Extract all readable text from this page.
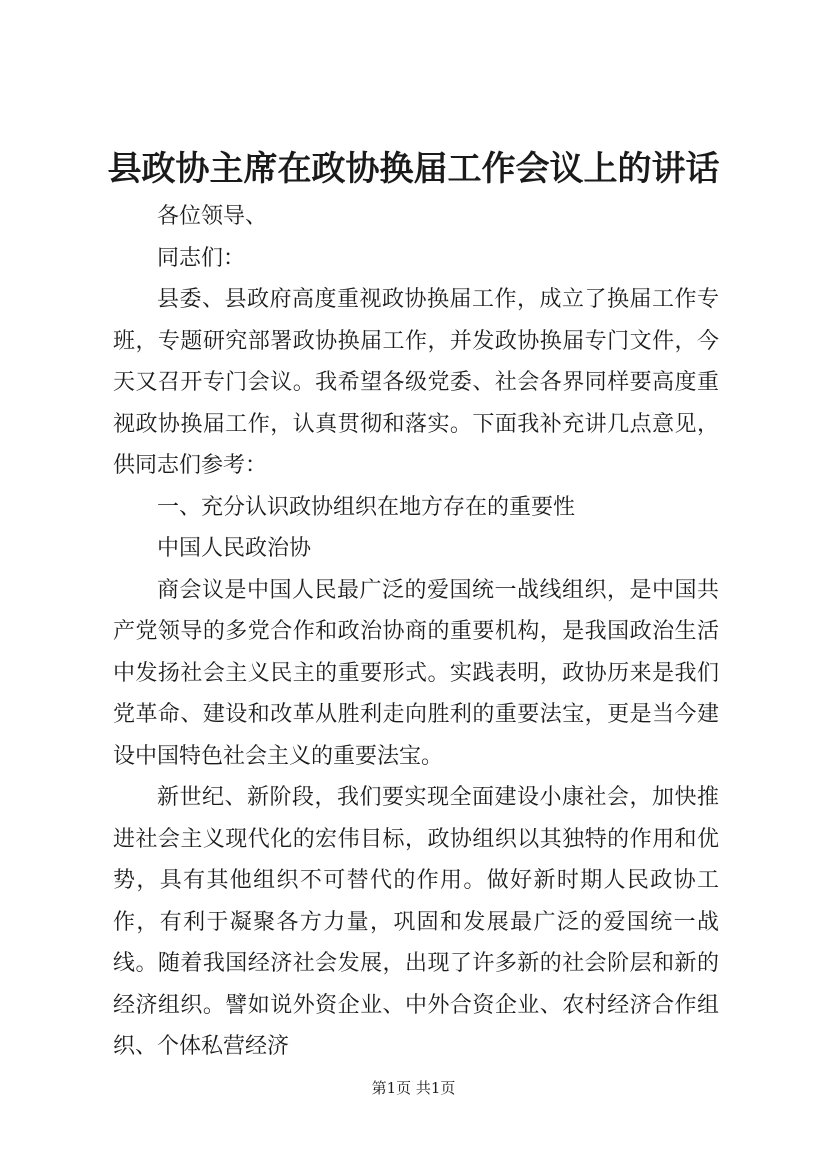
县政协主席在政协换届工作会议上的讲话

各位领导、

同志们：

县委、县政府高度重视政协换届工作，成立了换届工作专班，专题研究部署政协换届工作，并发政协换届专门文件，今天又召开专门会议。我希望各级党委、社会各界同样要高度重视政协换届工作，认真贯彻和落实。下面我补充讲几点意见，供同志们参考：

一、充分认识政协组织在地方存在的重要性

中国人民政治协

商会议是中国人民最广泛的爱国统一战线组织，是中国共产党领导的多党合作和政治协商的重要机构，是我国政治生活中发扬社会主义民主的重要形式。实践表明，政协历来是我们党革命、建设和改革从胜利走向胜利的重要法宝，更是当今建设中国特色社会主义的重要法宝。

新世纪、新阶段，我们要实现全面建设小康社会，加快推进社会主义现代化的宏伟目标，政协组织以其独特的作用和优势，具有其他组织不可替代的作用。做好新时期人民政协工作，有利于凝聚各方力量，巩固和发展最广泛的爱国统一战线。随着我国经济社会发展，出现了许多新的社会阶层和新的经济组织。譬如说外资企业、中外合资企业、农村经济合作组织、个体私营经济

第1页 共1页
